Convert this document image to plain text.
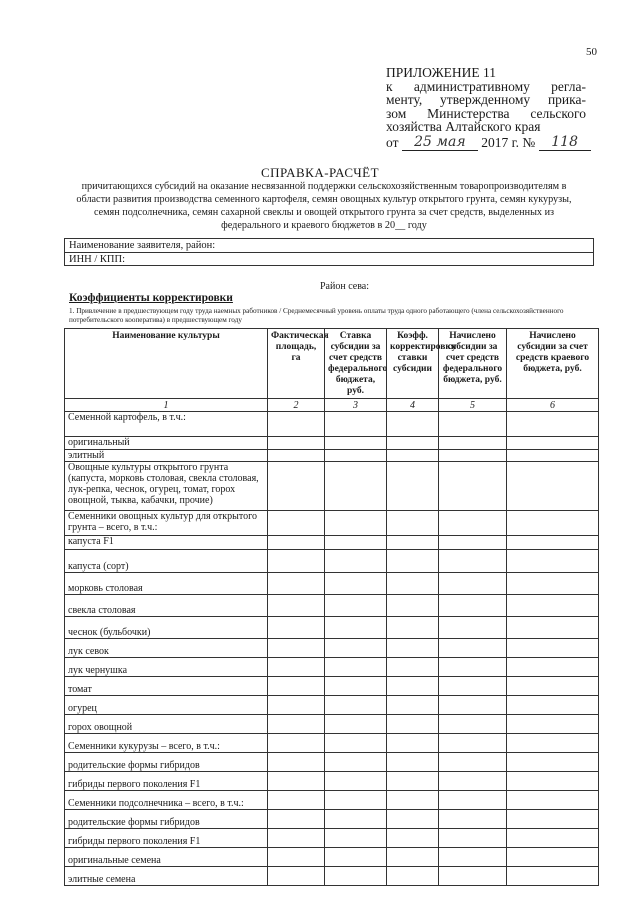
50
ПРИЛОЖЕНИЕ 11
к административному регла-
менту, утвержденному прика-
зом Министерства сельского
хозяйства Алтайского края
от 25 мая 2017 г. № 118
СПРАВКА-РАСЧЁТ
причитающихся субсидий на оказание несвязанной поддержки сельскохозяйственным товаропроизводителям в области развития производства семенного картофеля, семян овощных культур открытого грунта, семян кукурузы, семян подсолнечника, семян сахарной свеклы и овощей открытого грунта за счет средств, выделенных из федерального и краевого бюджетов в 20__ году
Наименование заявителя, район:
ИНН / КПП:
Район сева:
Коэффициенты корректировки
1. Привлечение в предшествующем году труда наемных работников / Среднемесячный уровень оплаты труда одного работающего (члена сельскохозяйственного потребительского кооператива) в предшествующем году
Наименование культуры	Фактическая площадь, га	Ставка субсидии за счет средств федерального бюджета, руб.	Коэфф. корректировки ставки субсидии	Начислено субсидии за счет средств федерального бюджета, руб.	Начислено субсидии за счет средств краевого бюджета, руб.
1	2	3	4	5	6
Семенной картофель, в т.ч.:					
оригинальный					
элитный					
Овощные культуры открытого грунта (капуста, морковь столовая, свекла столовая, лук-репка, чеснок, огурец, томат, горох овощной, тыква, кабачки, прочие)					
Семенники овощных культур для открытого грунта – всего, в т.ч.:					
капуста F1					
капуста (сорт)					
морковь столовая					
свекла столовая					
чеснок (бульбочки)					
лук севок					
лук чернушка					
томат					
огурец					
горох овощной					
Семенники кукурузы – всего, в т.ч.:					
родительские формы гибридов					
гибриды первого поколения F1					
Семенники подсолнечника – всего, в т.ч.:					
родительские формы гибридов					
гибриды первого поколения F1					
оригинальные семена					
элитные семена					
